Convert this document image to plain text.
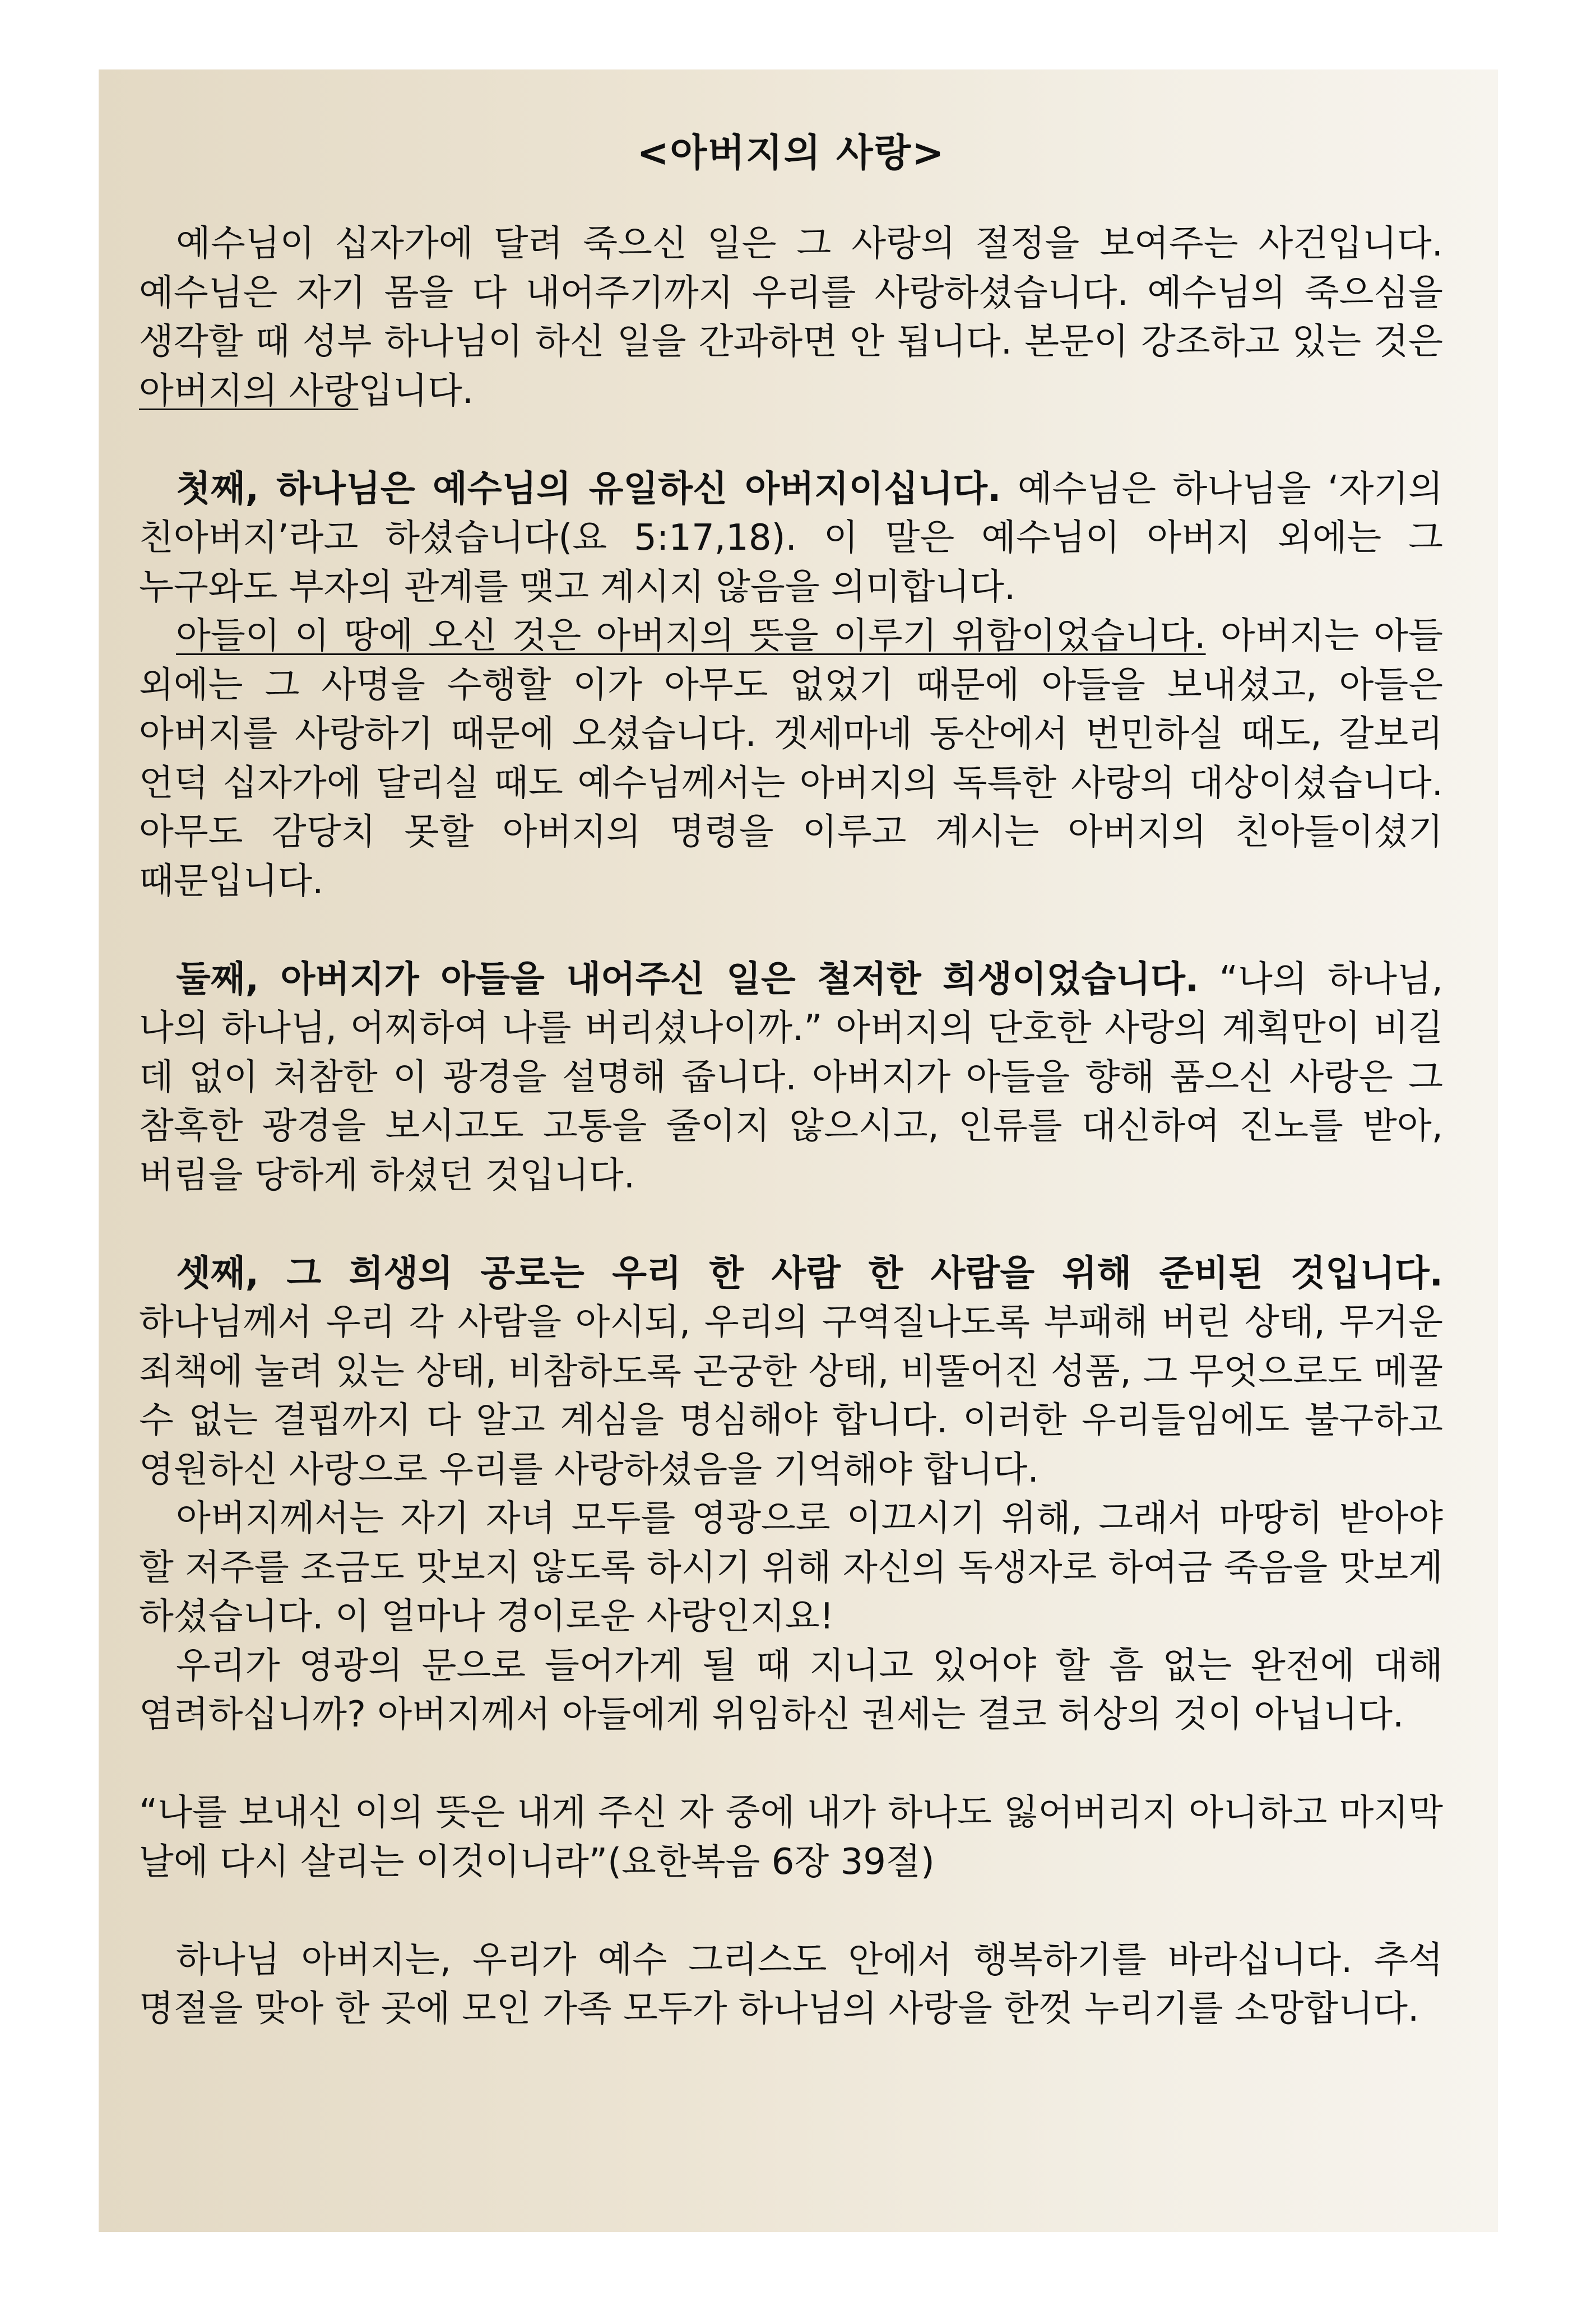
<아버지의 사랑>

예수님이 십자가에 달려 죽으신 일은 그 사랑의 절정을 보여주는 사건입니다. 예수님은 자기 몸을 다 내어주기까지 우리를 사랑하셨습니다. 예수님의 죽으심을 생각할 때 성부 하나님이 하신 일을 간과하면 안 됩니다. 본문이 강조하고 있는 것은 아버지의 사랑입니다.

첫째, 하나님은 예수님의 유일하신 아버지이십니다. 예수님은 하나님을 ‘자기의 친아버지’라고 하셨습니다(요 5:17,18). 이 말은 예수님이 아버지 외에는 그 누구와도 부자의 관계를 맺고 계시지 않음을 의미합니다.

아들이 이 땅에 오신 것은 아버지의 뜻을 이루기 위함이었습니다. 아버지는 아들 외에는 그 사명을 수행할 이가 아무도 없었기 때문에 아들을 보내셨고, 아들은 아버지를 사랑하기 때문에 오셨습니다. 겟세마네 동산에서 번민하실 때도, 갈보리 언덕 십자가에 달리실 때도 예수님께서는 아버지의 독특한 사랑의 대상이셨습니다. 아무도 감당치 못할 아버지의 명령을 이루고 계시는 아버지의 친아들이셨기 때문입니다.

둘째, 아버지가 아들을 내어주신 일은 철저한 희생이었습니다. “나의 하나님, 나의 하나님, 어찌하여 나를 버리셨나이까.” 아버지의 단호한 사랑의 계획만이 비길 데 없이 처참한 이 광경을 설명해 줍니다. 아버지가 아들을 향해 품으신 사랑은 그 참혹한 광경을 보시고도 고통을 줄이지 않으시고, 인류를 대신하여 진노를 받아, 버림을 당하게 하셨던 것입니다.

셋째, 그 희생의 공로는 우리 한 사람 한 사람을 위해 준비된 것입니다. 하나님께서 우리 각 사람을 아시되, 우리의 구역질나도록 부패해 버린 상태, 무거운 죄책에 눌려 있는 상태, 비참하도록 곤궁한 상태, 비뚤어진 성품, 그 무엇으로도 메꿀 수 없는 결핍까지 다 알고 계심을 명심해야 합니다. 이러한 우리들임에도 불구하고 영원하신 사랑으로 우리를 사랑하셨음을 기억해야 합니다.

아버지께서는 자기 자녀 모두를 영광으로 이끄시기 위해, 그래서 마땅히 받아야 할 저주를 조금도 맛보지 않도록 하시기 위해 자신의 독생자로 하여금 죽음을 맛보게 하셨습니다. 이 얼마나 경이로운 사랑인지요!

우리가 영광의 문으로 들어가게 될 때 지니고 있어야 할 흠 없는 완전에 대해 염려하십니까? 아버지께서 아들에게 위임하신 권세는 결코 허상의 것이 아닙니다.

“나를 보내신 이의 뜻은 내게 주신 자 중에 내가 하나도 잃어버리지 아니하고 마지막 날에 다시 살리는 이것이니라”(요한복음 6장 39절)

하나님 아버지는, 우리가 예수 그리스도 안에서 행복하기를 바라십니다. 추석 명절을 맞아 한 곳에 모인 가족 모두가 하나님의 사랑을 한껏 누리기를 소망합니다.
